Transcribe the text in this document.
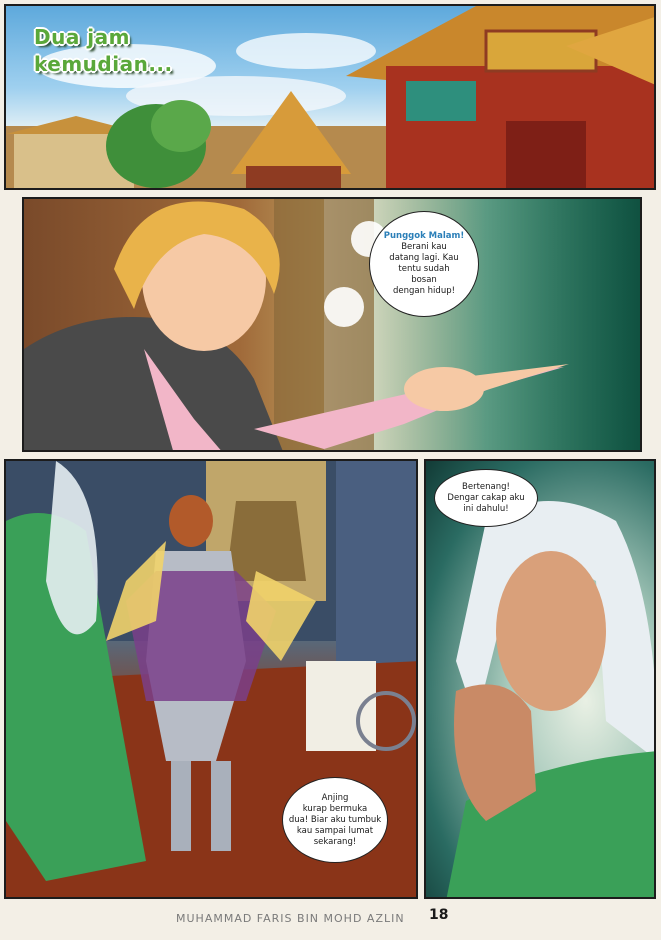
Dua jam
kemudian...

Punggok Malam!
Berani kau
datang lagi. Kau
tentu sudah
bosan
dengan hidup!
Anjing
kurap bermuka
dua! Biar aku tumbuk
kau sampai lumat
sekarang!
Bertenang!
Dengar cakap aku
ini dahulu!
MUHAMMAD FARIS BIN MOHD AZLIN 18
